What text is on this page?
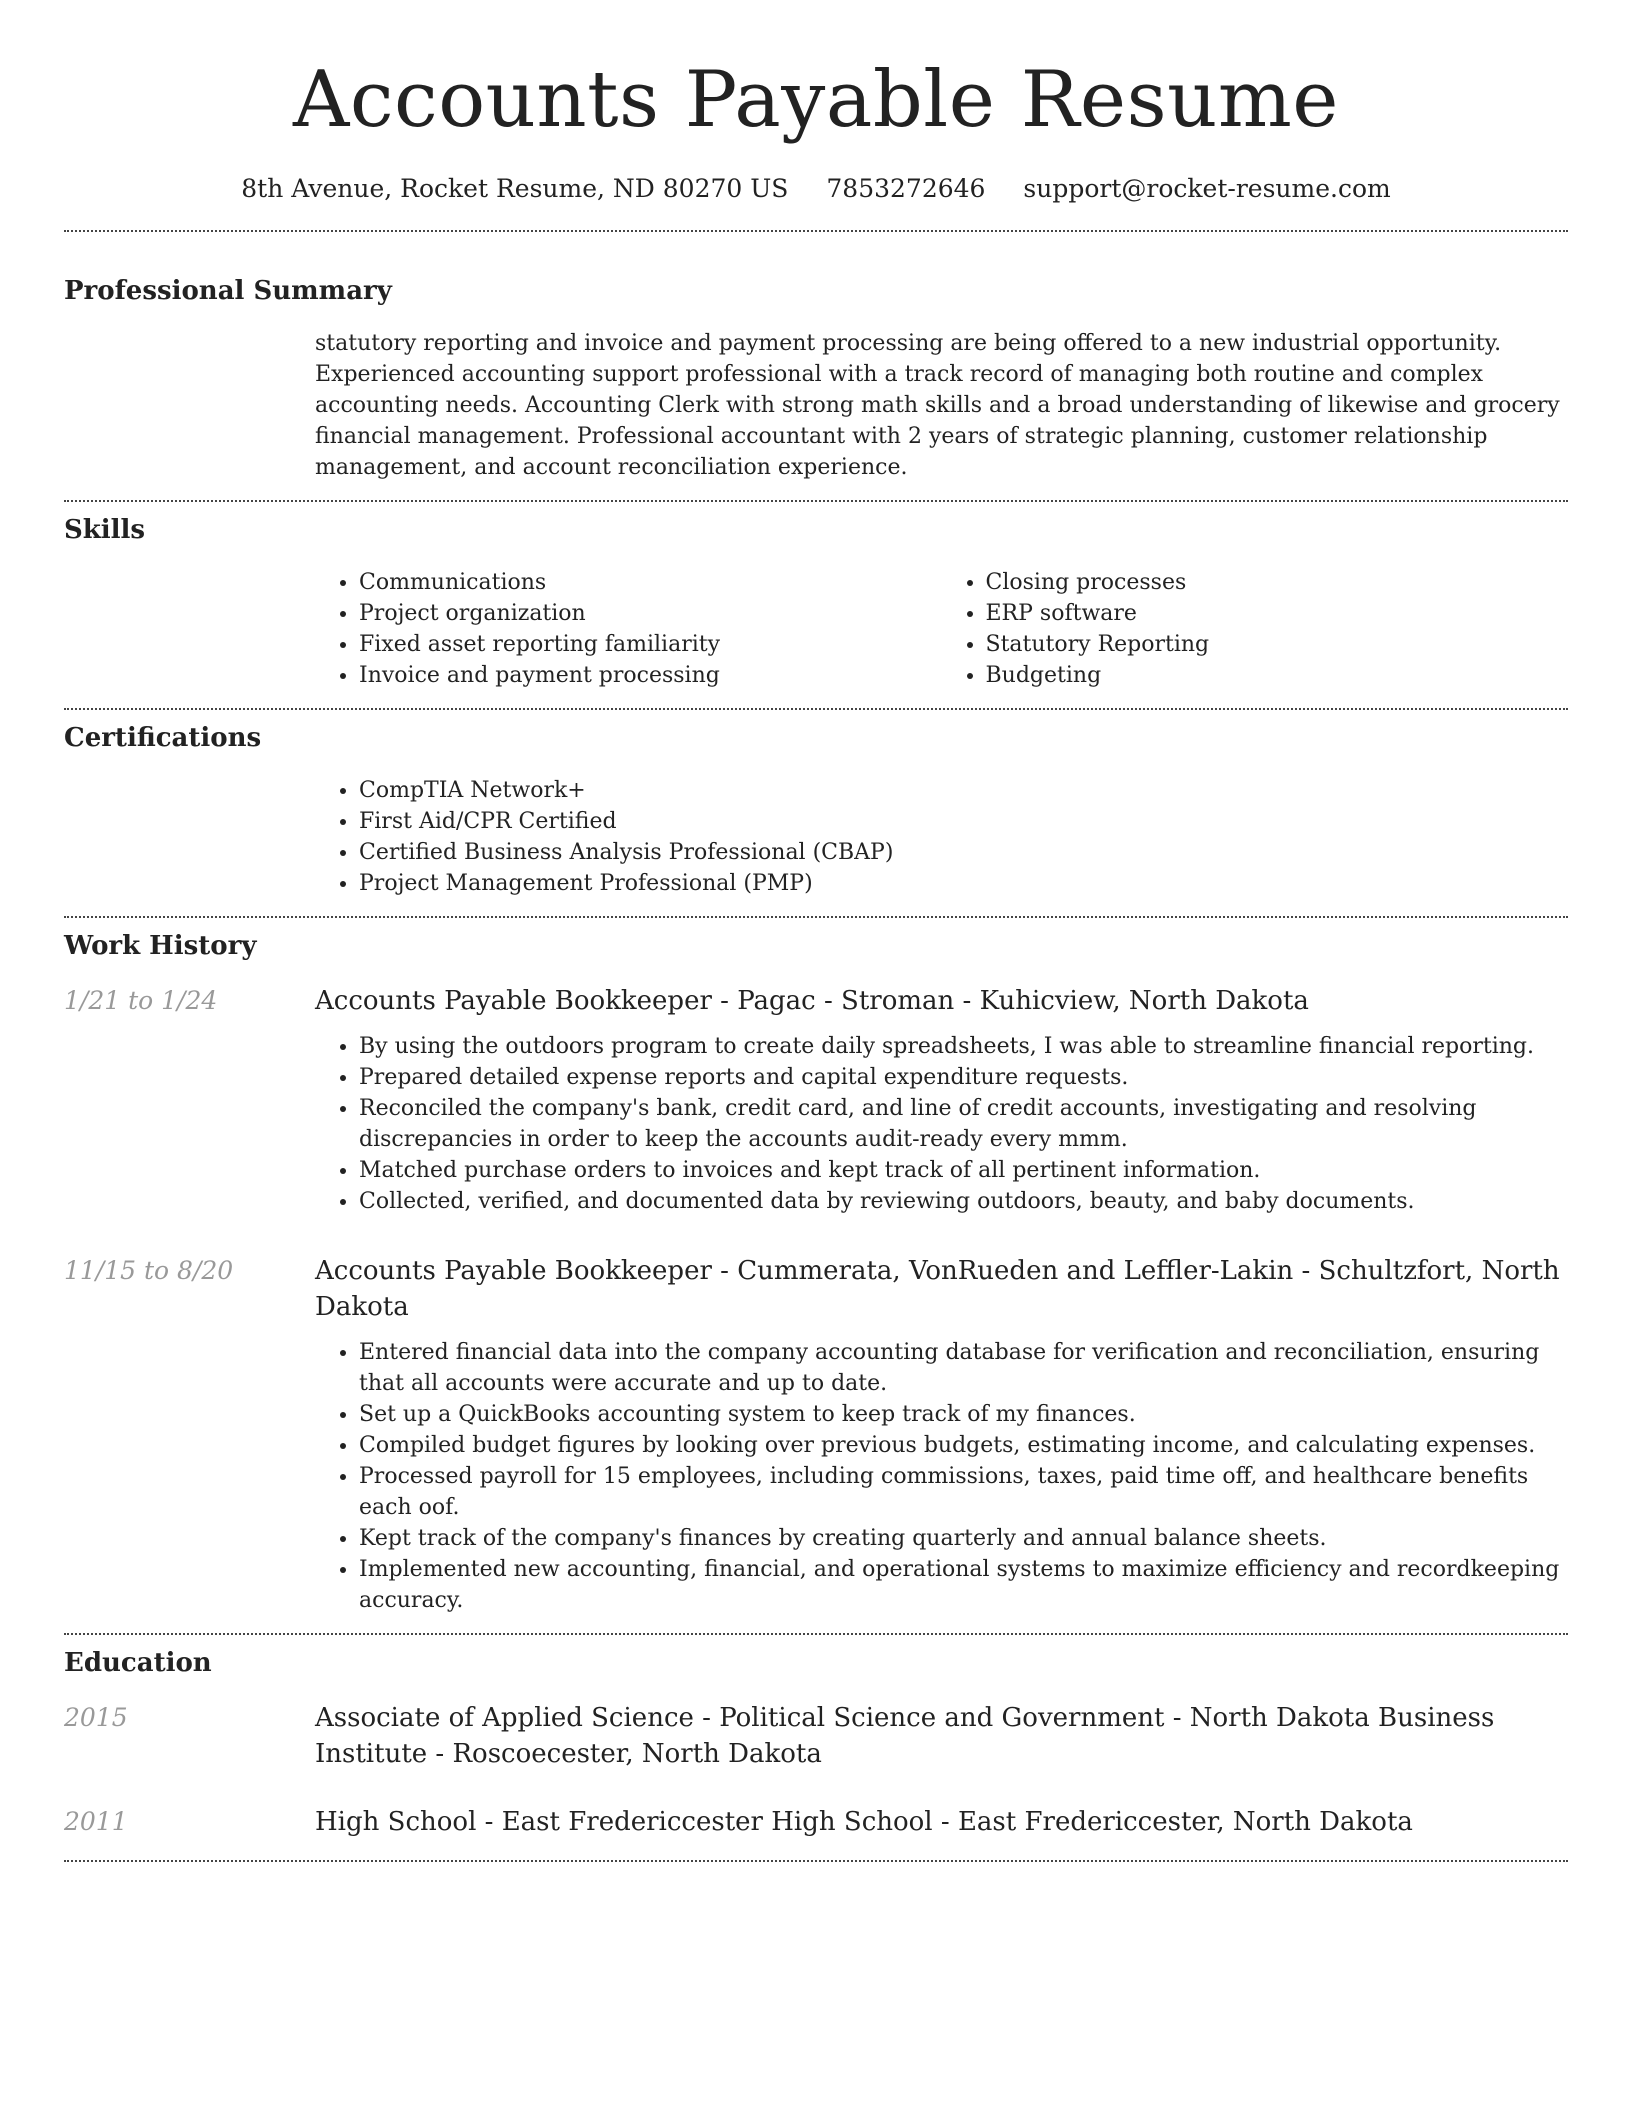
Accounts Payable Resume
8th Avenue, Rocket Resume, ND 80270 US 7853272646 support@rocket-resume.com
Professional Summary

statutory reporting and invoice and payment processing are being offered to a new industrial opportunity. Experienced accounting support professional with a track record of managing both routine and complex accounting needs. Accounting Clerk with strong math skills and a broad understanding of likewise and grocery financial management. Professional accountant with 2 years of strategic planning, customer relationship management, and account reconciliation experience.

Skills
• Communications
• Project organization
• Fixed asset reporting familiarity
• Invoice and payment processing
• Closing processes
• ERP software
• Statutory Reporting
• Budgeting
Certifications
• CompTIA Network+
• First Aid/CPR Certified
• Certified Business Analysis Professional (CBAP)
• Project Management Professional (PMP)
Work History
1/21 to 1/24	Accounts Payable Bookkeeper - Pagac - Stroman - Kuhicview, North Dakota
• By using the outdoors program to create daily spreadsheets, I was able to streamline financial reporting.
• Prepared detailed expense reports and capital expenditure requests.
• Reconciled the company's bank, credit card, and line of credit accounts, investigating and resolving discrepancies in order to keep the accounts audit-ready every mmm.
• Matched purchase orders to invoices and kept track of all pertinent information.
• Collected, verified, and documented data by reviewing outdoors, beauty, and baby documents.
11/15 to 8/20	Accounts Payable Bookkeeper - Cummerata, VonRueden and Leffler-Lakin - Schultzfort, North Dakota
• Entered financial data into the company accounting database for verification and reconciliation, ensuring that all accounts were accurate and up to date.
• Set up a QuickBooks accounting system to keep track of my finances.
• Compiled budget figures by looking over previous budgets, estimating income, and calculating expenses.
• Processed payroll for 15 employees, including commissions, taxes, paid time off, and healthcare benefits each oof.
• Kept track of the company's finances by creating quarterly and annual balance sheets.
• Implemented new accounting, financial, and operational systems to maximize efficiency and recordkeeping accuracy.
Education
2015	Associate of Applied Science - Political Science and Government - North Dakota Business Institute - Roscoecester, North Dakota
2011	High School - East Fredericcester High School - East Fredericcester, North Dakota
